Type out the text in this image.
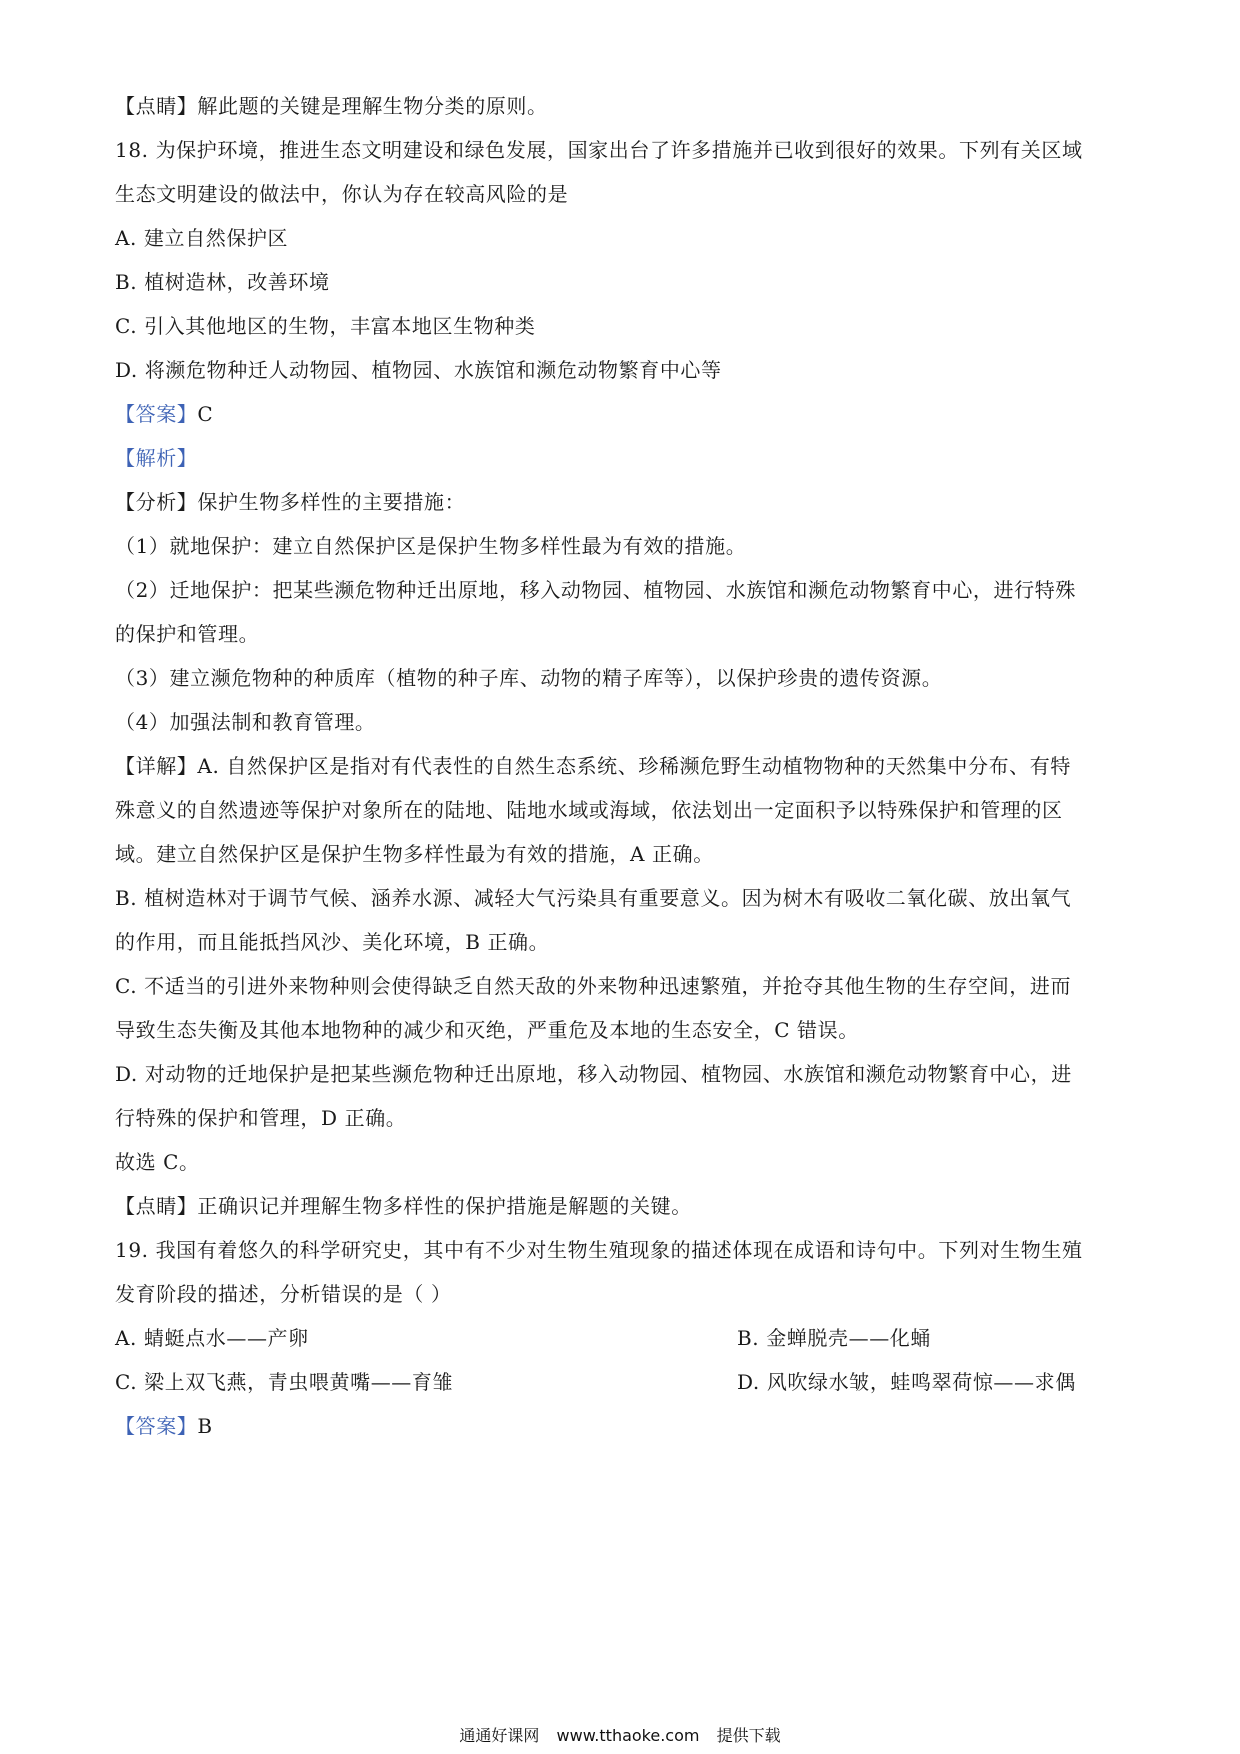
【点睛】解此题的关键是理解生物分类的原则。
18. 为保护环境，推进生态文明建设和绿色发展，国家出台了许多措施并已收到很好的效果。下列有关区域
生态文明建设的做法中，你认为存在较高风险的是
A. 建立自然保护区
B. 植树造林，改善环境
C. 引入其他地区的生物，丰富本地区生物种类
D. 将濒危物种迁人动物园、植物园、水族馆和濒危动物繁育中心等
【答案】C
【解析】
【分析】保护生物多样性的主要措施：
（1）就地保护：建立自然保护区是保护生物多样性最为有效的措施。
（2）迁地保护：把某些濒危物种迁出原地，移入动物园、植物园、水族馆和濒危动物繁育中心，进行特殊
的保护和管理。
（3）建立濒危物种的种质库（植物的种子库、动物的精子库等），以保护珍贵的遗传资源。
（4）加强法制和教育管理。
【详解】A. 自然保护区是指对有代表性的自然生态系统、珍稀濒危野生动植物物种的天然集中分布、有特
殊意义的自然遗迹等保护对象所在的陆地、陆地水域或海域，依法划出一定面积予以特殊保护和管理的区
域。建立自然保护区是保护生物多样性最为有效的措施，A 正确。
B. 植树造林对于调节气候、涵养水源、减轻大气污染具有重要意义。因为树木有吸收二氧化碳、放出氧气
的作用，而且能抵挡风沙、美化环境，B 正确。
C. 不适当的引进外来物种则会使得缺乏自然天敌的外来物种迅速繁殖，并抢夺其他生物的生存空间，进而
导致生态失衡及其他本地物种的减少和灭绝，严重危及本地的生态安全，C 错误。
D. 对动物的迁地保护是把某些濒危物种迁出原地，移入动物园、植物园、水族馆和濒危动物繁育中心，进
行特殊的保护和管理，D 正确。
故选 C。
【点睛】正确识记并理解生物多样性的保护措施是解题的关键。
19. 我国有着悠久的科学研究史，其中有不少对生物生殖现象的描述体现在成语和诗句中。下列对生物生殖
发育阶段的描述，分析错误的是（ ）
A. 蜻蜓点水——产卵	B. 金蝉脱壳——化蛹
C. 梁上双飞燕，青虫喂黄嘴——育雏	D. 风吹绿水皱，蛙鸣翠荷惊——求偶
【答案】B
通通好课网 www.tthaoke.com 提供下载
